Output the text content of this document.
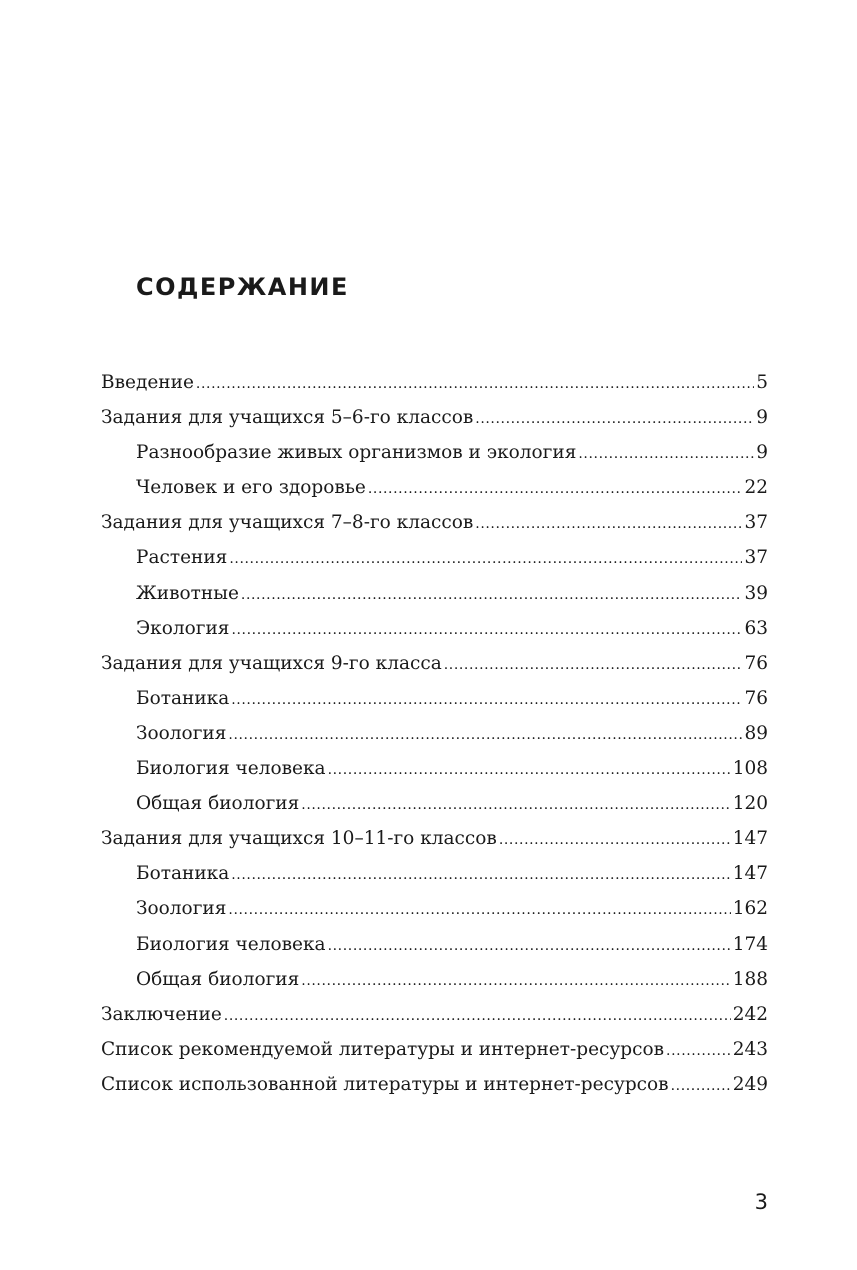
СОДЕРЖАНИЕ
Введение .....	5
Задания для учащихся 5–6-го классов .....	9
Разнообразие живых организмов и экология .....	9
Человек и его здоровье .....	22
Задания для учащихся 7–8-го классов .....	37
Растения .....	37
Животные .....	39
Экология .....	63
Задания для учащихся 9-го класса .....	76
Ботаника .....	76
Зоология .....	89
Биология человека .....	108
Общая биология .....	120
Задания для учащихся 10–11-го классов .....	147
Ботаника .....	147
Зоология .....	162
Биология человека .....	174
Общая биология .....	188
Заключение .....	242
Список рекомендуемой литературы и интернет-ресурсов .....	243
Список использованной литературы и интернет-ресурсов .....	249
3
